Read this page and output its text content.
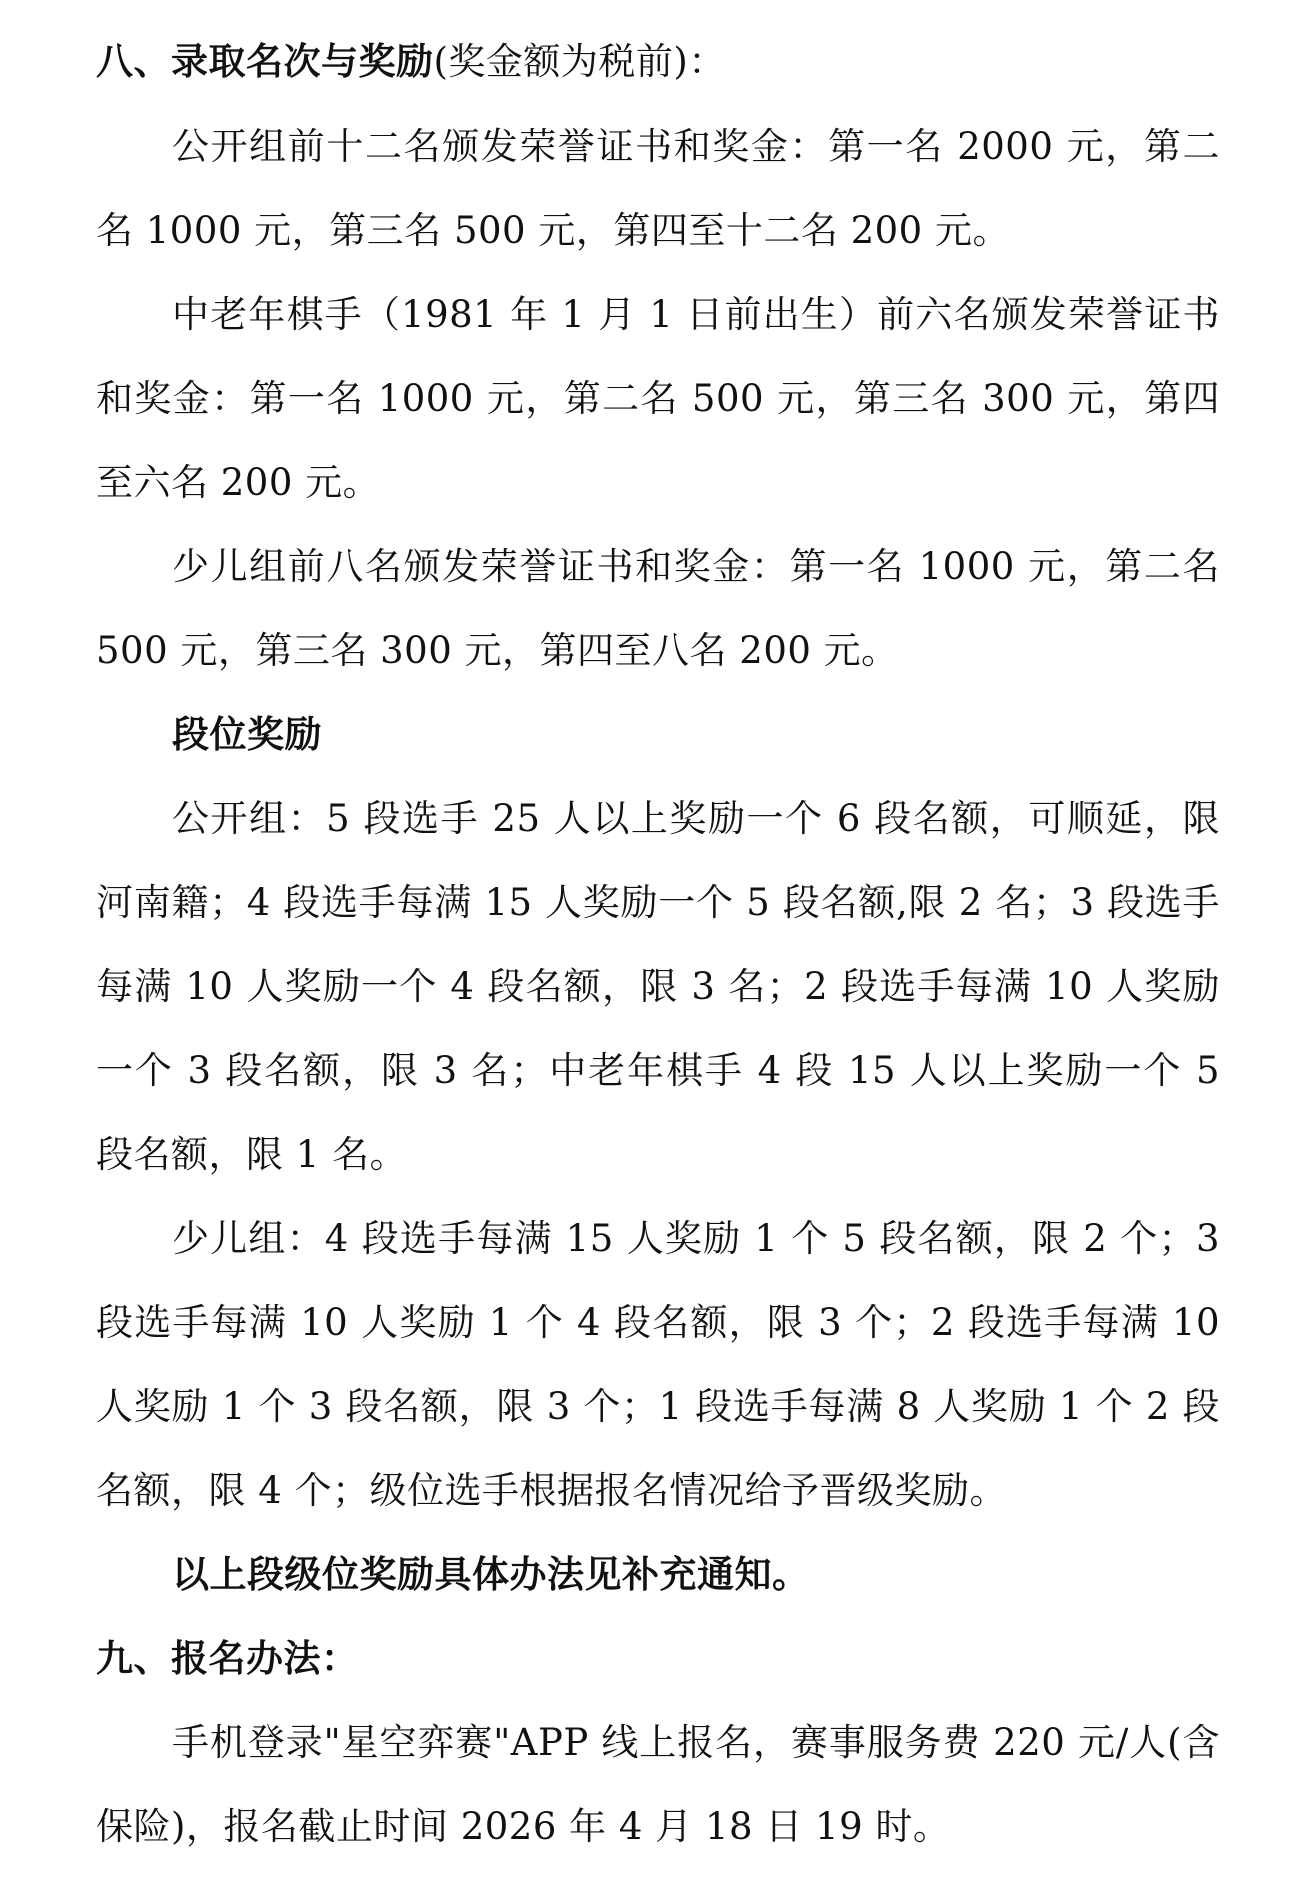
八、录取名次与奖励(奖金额为税前)：

公开组前十二名颁发荣誉证书和奖金：第一名 2000 元，第二名 1000 元，第三名 500 元，第四至十二名 200 元。

中老年棋手（1981 年 1 月 1 日前出生）前六名颁发荣誉证书和奖金：第一名 1000 元，第二名 500 元，第三名 300 元，第四至六名 200 元。

少儿组前八名颁发荣誉证书和奖金：第一名 1000 元，第二名 500 元，第三名 300 元，第四至八名 200 元。

段位奖励

公开组：5 段选手 25 人以上奖励一个 6 段名额，可顺延，限河南籍；4 段选手每满 15 人奖励一个 5 段名额,限 2 名；3 段选手每满 10 人奖励一个 4 段名额，限 3 名；2 段选手每满 10 人奖励一个 3 段名额，限 3 名；中老年棋手 4 段 15 人以上奖励一个 5 段名额，限 1 名。

少儿组：4 段选手每满 15 人奖励 1 个 5 段名额，限 2 个；3 段选手每满 10 人奖励 1 个 4 段名额，限 3 个；2 段选手每满 10 人奖励 1 个 3 段名额，限 3 个；1 段选手每满 8 人奖励 1 个 2 段名额，限 4 个；级位选手根据报名情况给予晋级奖励。

以上段级位奖励具体办法见补充通知。

九、报名办法：

手机登录"星空弈赛"APP 线上报名，赛事服务费 220 元/人(含保险)，报名截止时间 2026 年 4 月 18 日 19 时。
